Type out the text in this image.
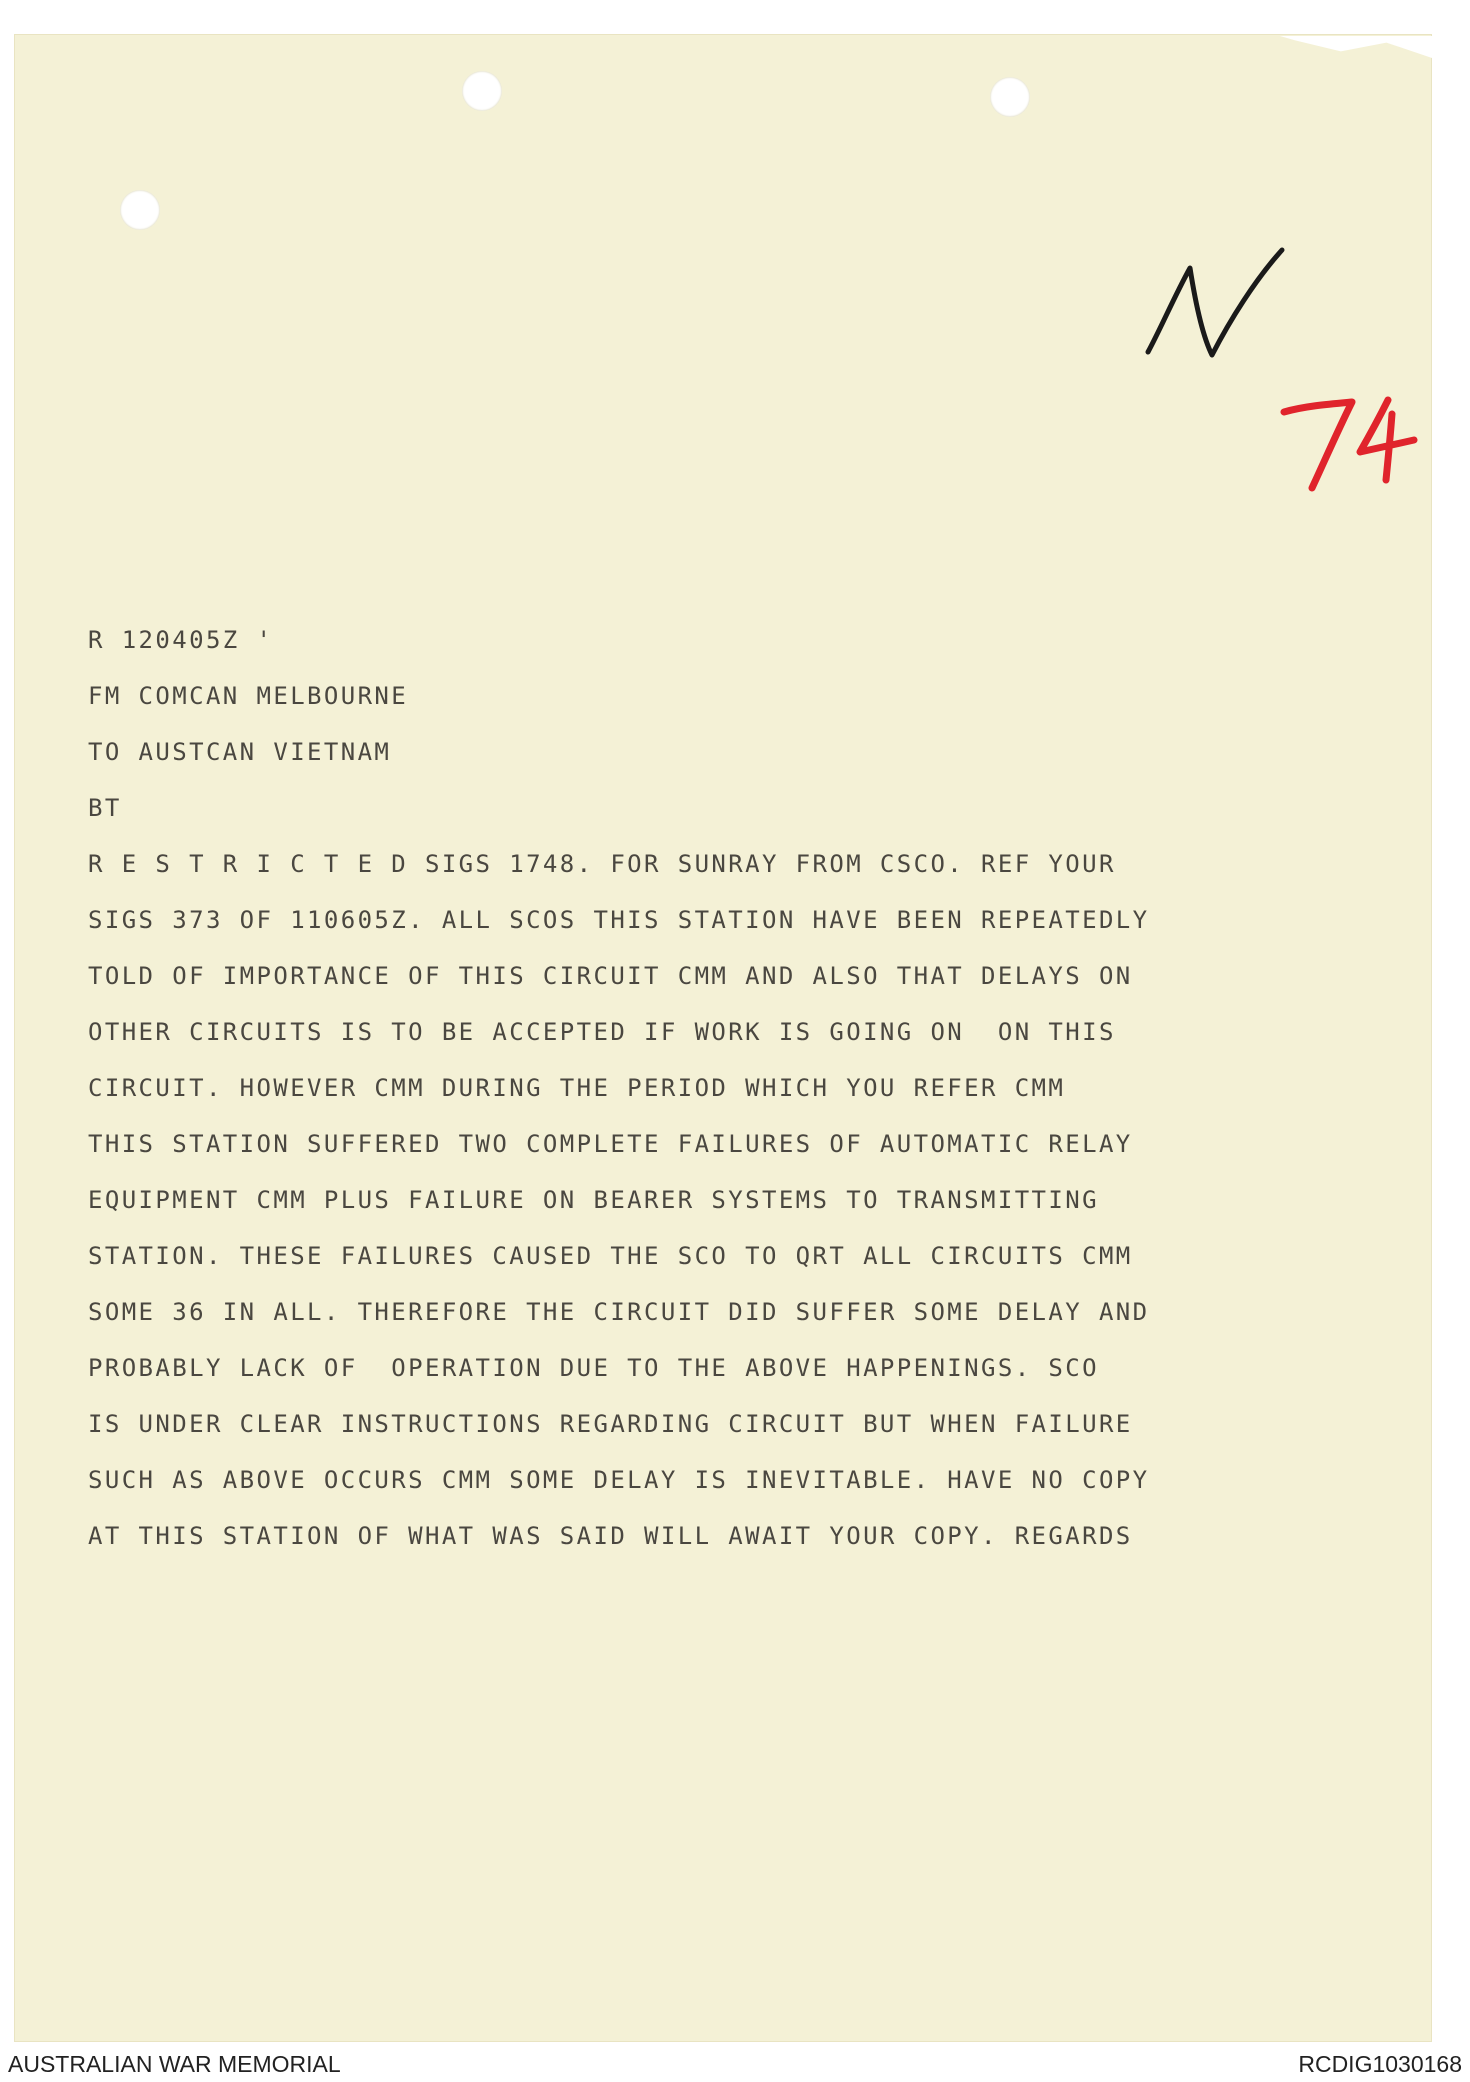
R 120405Z '
FM COMCAN MELBOURNE
TO AUSTCAN VIETNAM
BT
R E S T R I C T E D SIGS 1748. FOR SUNRAY FROM CSCO. REF YOUR
SIGS 373 OF 110605Z. ALL SCOS THIS STATION HAVE BEEN REPEATEDLY
TOLD OF IMPORTANCE OF THIS CIRCUIT CMM AND ALSO THAT DELAYS ON
OTHER CIRCUITS IS TO BE ACCEPTED IF WORK IS GOING ON  ON THIS
CIRCUIT. HOWEVER CMM DURING THE PERIOD WHICH YOU REFER CMM
THIS STATION SUFFERED TWO COMPLETE FAILURES OF AUTOMATIC RELAY
EQUIPMENT CMM PLUS FAILURE ON BEARER SYSTEMS TO TRANSMITTING
STATION. THESE FAILURES CAUSED THE SCO TO QRT ALL CIRCUITS CMM
SOME 36 IN ALL. THEREFORE THE CIRCUIT DID SUFFER SOME DELAY AND
PROBABLY LACK OF  OPERATION DUE TO THE ABOVE HAPPENINGS. SCO
IS UNDER CLEAR INSTRUCTIONS REGARDING CIRCUIT BUT WHEN FAILURE
SUCH AS ABOVE OCCURS CMM SOME DELAY IS INEVITABLE. HAVE NO COPY
AT THIS STATION OF WHAT WAS SAID WILL AWAIT YOUR COPY. REGARDS
AUSTRALIAN WAR MEMORIAL	RCDIG1030168
